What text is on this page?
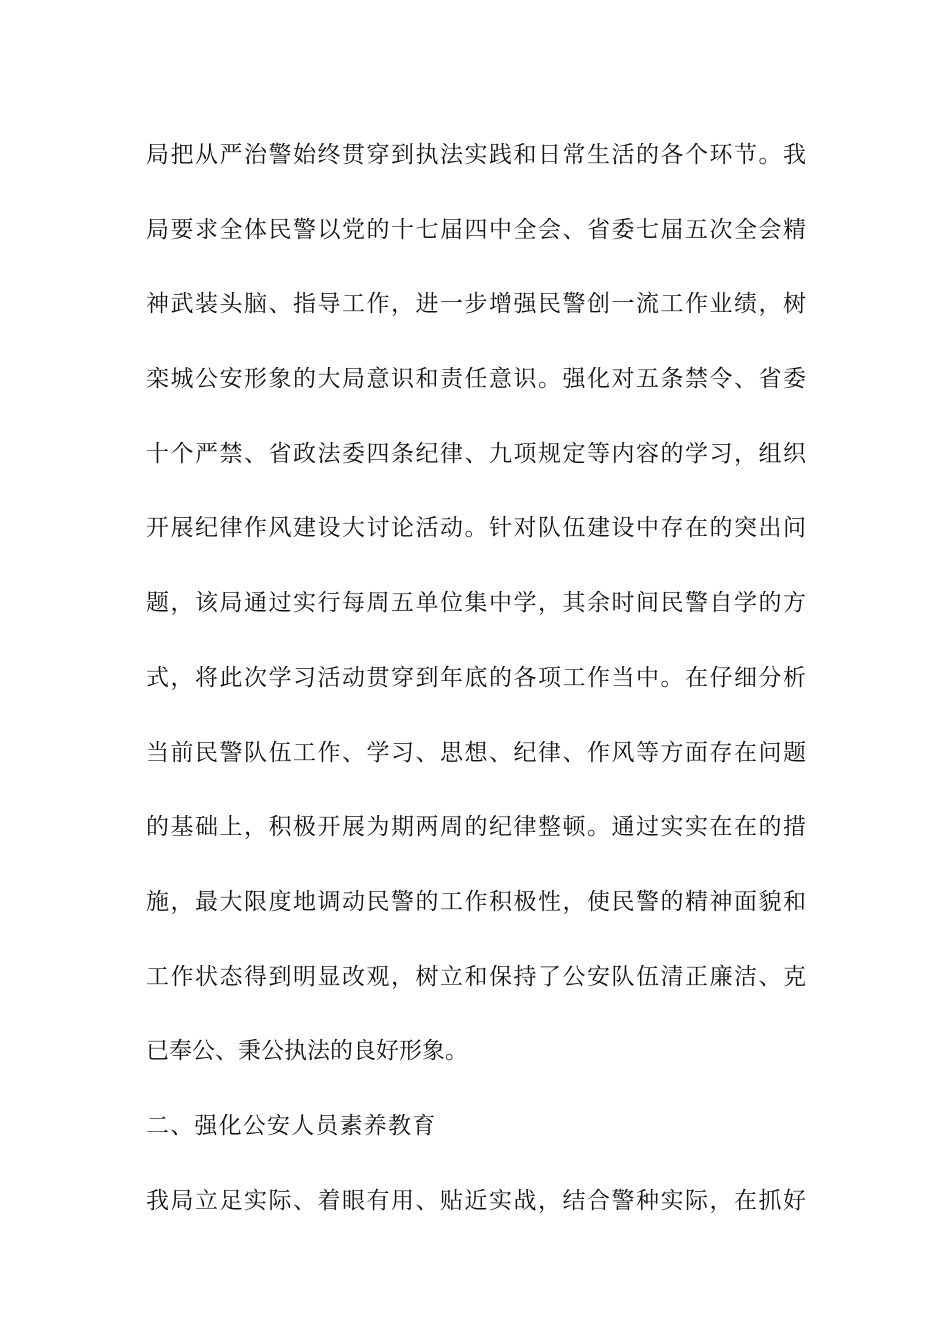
局把从严治警始终贯穿到执法实践和日常生活的各个环节。我
局要求全体民警以党的十七届四中全会、省委七届五次全会精
神武装头脑、指导工作，进一步增强民警创一流工作业绩，树
栾城公安形象的大局意识和责任意识。强化对五条禁令、省委
十个严禁、省政法委四条纪律、九项规定等内容的学习，组织
开展纪律作风建设大讨论活动。针对队伍建设中存在的突出问
题，该局通过实行每周五单位集中学，其余时间民警自学的方
式，将此次学习活动贯穿到年底的各项工作当中。在仔细分析
当前民警队伍工作、学习、思想、纪律、作风等方面存在问题
的基础上，积极开展为期两周的纪律整顿。通过实实在在的措
施，最大限度地调动民警的工作积极性，使民警的精神面貌和
工作状态得到明显改观，树立和保持了公安队伍清正廉洁、克
已奉公、秉公执法的良好形象。
二、强化公安人员素养教育
我局立足实际、着眼有用、贴近实战，结合警种实际，在抓好
